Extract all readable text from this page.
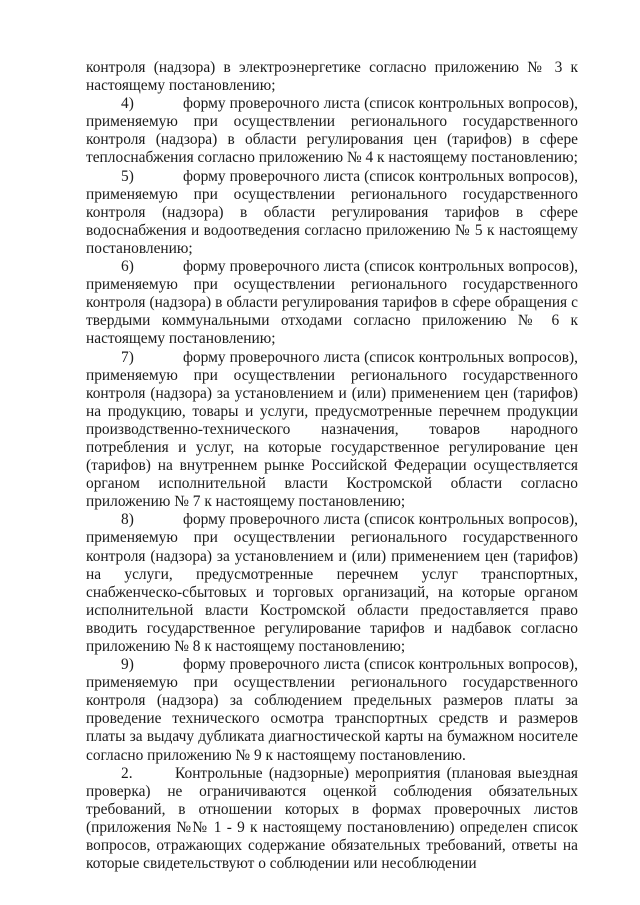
контроля (надзора) в электроэнергетике согласно приложению № 3 к настоящему постановлению;

4)	форму проверочного листа (список контрольных вопросов), применяемую при осуществлении регионального государственного контроля (надзора) в области регулирования цен (тарифов) в сфере теплоснабжения согласно приложению № 4 к настоящему постановлению;

5)	форму проверочного листа (список контрольных вопросов), применяемую при осуществлении регионального государственного контроля (надзора) в области регулирования тарифов в сфере водоснабжения и водоотведения согласно приложению № 5 к настоящему постановлению;

6)	форму проверочного листа (список контрольных вопросов), применяемую при осуществлении регионального государственного контроля (надзора) в области регулирования тарифов в сфере обращения с твердыми коммунальными отходами согласно приложению № 6 к настоящему постановлению;

7)	форму проверочного листа (список контрольных вопросов), применяемую при осуществлении регионального государственного контроля (надзора) за установлением и (или) применением цен (тарифов) на продукцию, товары и услуги, предусмотренные перечнем продукции производственно-технического назначения, товаров народного потребления и услуг, на которые государственное регулирование цен (тарифов) на внутреннем рынке Российской Федерации осуществляется органом исполнительной власти Костромской области согласно приложению № 7 к настоящему постановлению;

8)	форму проверочного листа (список контрольных вопросов), применяемую при осуществлении регионального государственного контроля (надзора) за установлением и (или) применением цен (тарифов) на услуги, предусмотренные перечнем услуг транспортных, снабженческо-сбытовых и торговых организаций, на которые органом исполнительной власти Костромской области предоставляется право вводить государственное регулирование тарифов и надбавок согласно приложению № 8 к настоящему постановлению;

9)	форму проверочного листа (список контрольных вопросов), применяемую при осуществлении регионального государственного контроля (надзора) за соблюдением предельных размеров платы за проведение технического осмотра транспортных средств и размеров платы за выдачу дубликата диагностической карты на бумажном носителе согласно приложению № 9 к настоящему постановлению.

2.	Контрольные (надзорные) мероприятия (плановая выездная проверка) не ограничиваются оценкой соблюдения обязательных требований, в отношении которых в формах проверочных листов (приложения №№ 1 - 9 к настоящему постановлению) определен список вопросов, отражающих содержание обязательных требований, ответы на которые свидетельствуют о соблюдении или несоблюдении
